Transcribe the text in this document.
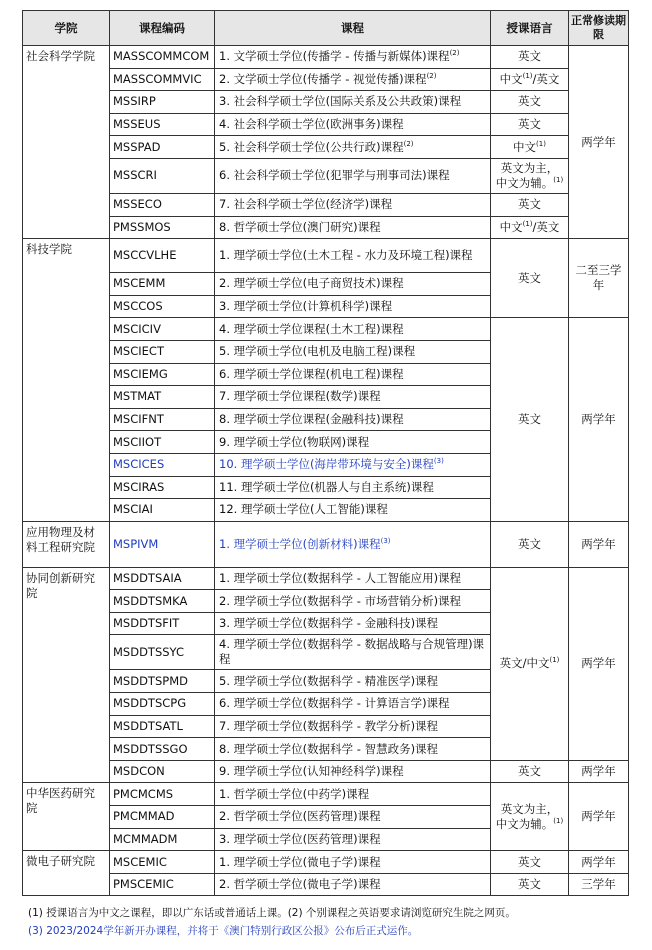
学院	课程编码	课程	授课语言	正常修读期限
社会科学学院	MASSCOMMCOM	1. 文学硕士学位(传播学 - 传播与新媒体)课程$^{(2)}$	英文	两学年
	MASSCOMMVIC	2. 文学硕士学位(传播学 - 视觉传播)课程$^{(2)}$	中文$^{(1)}$/英文	
	MSSIRP	3. 社会科学硕士学位(国际关系及公共政策)课程	英文	
	MSSEUS	4. 社会科学硕士学位(欧洲事务)课程	英文	
	MSSPAD	5. 社会科学硕士学位(公共行政)课程$^{(2)}$	中文$^{(1)}$
	MSSCRI	6. 社会科学硕士学位(犯罪学与刑事司法)课程	英文为主，
中文为辅。$^{(1)}$
	MSSECO	7. 社会科学硕士学位(经济学)课程	英文	
	PMSSMOS	8. 哲学硕士学位(澳门研究)课程	中文$^{(1)}$/英文	
科技学院	MSCCVLHE	1. 理学硕士学位(土木工程 - 水力及环境工程)课程	英文	二至三学年
	MSCEMM	2. 理学硕士学位(电子商贸技术)课程		
	MSCCOS	3. 理学硕士学位(计算机科学)课程		
	MSCICIV	4. 理学硕士学位课程(土木工程)课程	英文	两学年
	MSCIECT	5. 理学硕士学位(电机及电脑工程)课程		
	MSCIEMG	6. 理学硕士学位课程(机电工程)课程		
	MSTMAT	7. 理学硕士学位课程(数学)课程		
	MSCIFNT	8. 理学硕士学位课程(金融科技)课程		
	MSCIIOT	9. 理学硕士学位(物联网)课程		
	MSCICES	10. 理学硕士学位(海岸带环境与安全)课程$^{(3)}$
	MSCIRAS	11. 理学硕士学位(机器人与自主系统)课程		
	MSCIAI	12. 理学硕士学位(人工智能)课程		
应用物理及材料工程研究院	MSPIVM	1. 理学硕士学位(创新材料)课程$^{(3)}$	英文	两学年
协同创新研究院	MSDDTSAIA	1. 理学硕士学位(数据科学 - 人工智能应用)课程	英文/中文$^{(1)}$	两学年
	MSDDTSMKA	2. 理学硕士学位(数据科学 - 市场营销分析)课程		
	MSDDTSFIT	3. 理学硕士学位(数据科学 - 金融科技)课程		
	MSDDTSSYC	4. 理学硕士学位(数据科学 - 数据战略与合规管理)课程		
	MSDDTSPMD	5. 理学硕士学位(数据科学 - 精准医学)课程		
	MSDDTSCPG	6. 理学硕士学位(数据科学 - 计算语言学)课程		
	MSDDTSATL	7. 理学硕士学位(数据科学 - 教学分析)课程		
	MSDDTSSGO	8. 理学硕士学位(数据科学 - 智慧政务)课程		
	MSDCON	9. 理学硕士学位(认知神经科学)课程	英文	两学年
中华医药研究院	PMCMCMS	1. 哲学硕士学位(中药学)课程	英文为主，
中文为辅。$^{(1)}$	两学年
	PMCMMAD	2. 哲学硕士学位(医药管理)课程		
	MCMMADM	3. 理学硕士学位(医药管理)课程		
微电子研究院	MSCEMIC	1. 理学硕士学位(微电子学)课程	英文	两学年
	PMSCEMIC	2. 哲学硕士学位(微电子学)课程	英文	三学年
(1) 授课语言为中文之课程，即以广东话或普通话上课。(2) 个别课程之英语要求请浏览研究生院之网页。
(3) 2023/2024学年新开办课程，并将于《澳门特别行政区公报》公布后正式运作。
